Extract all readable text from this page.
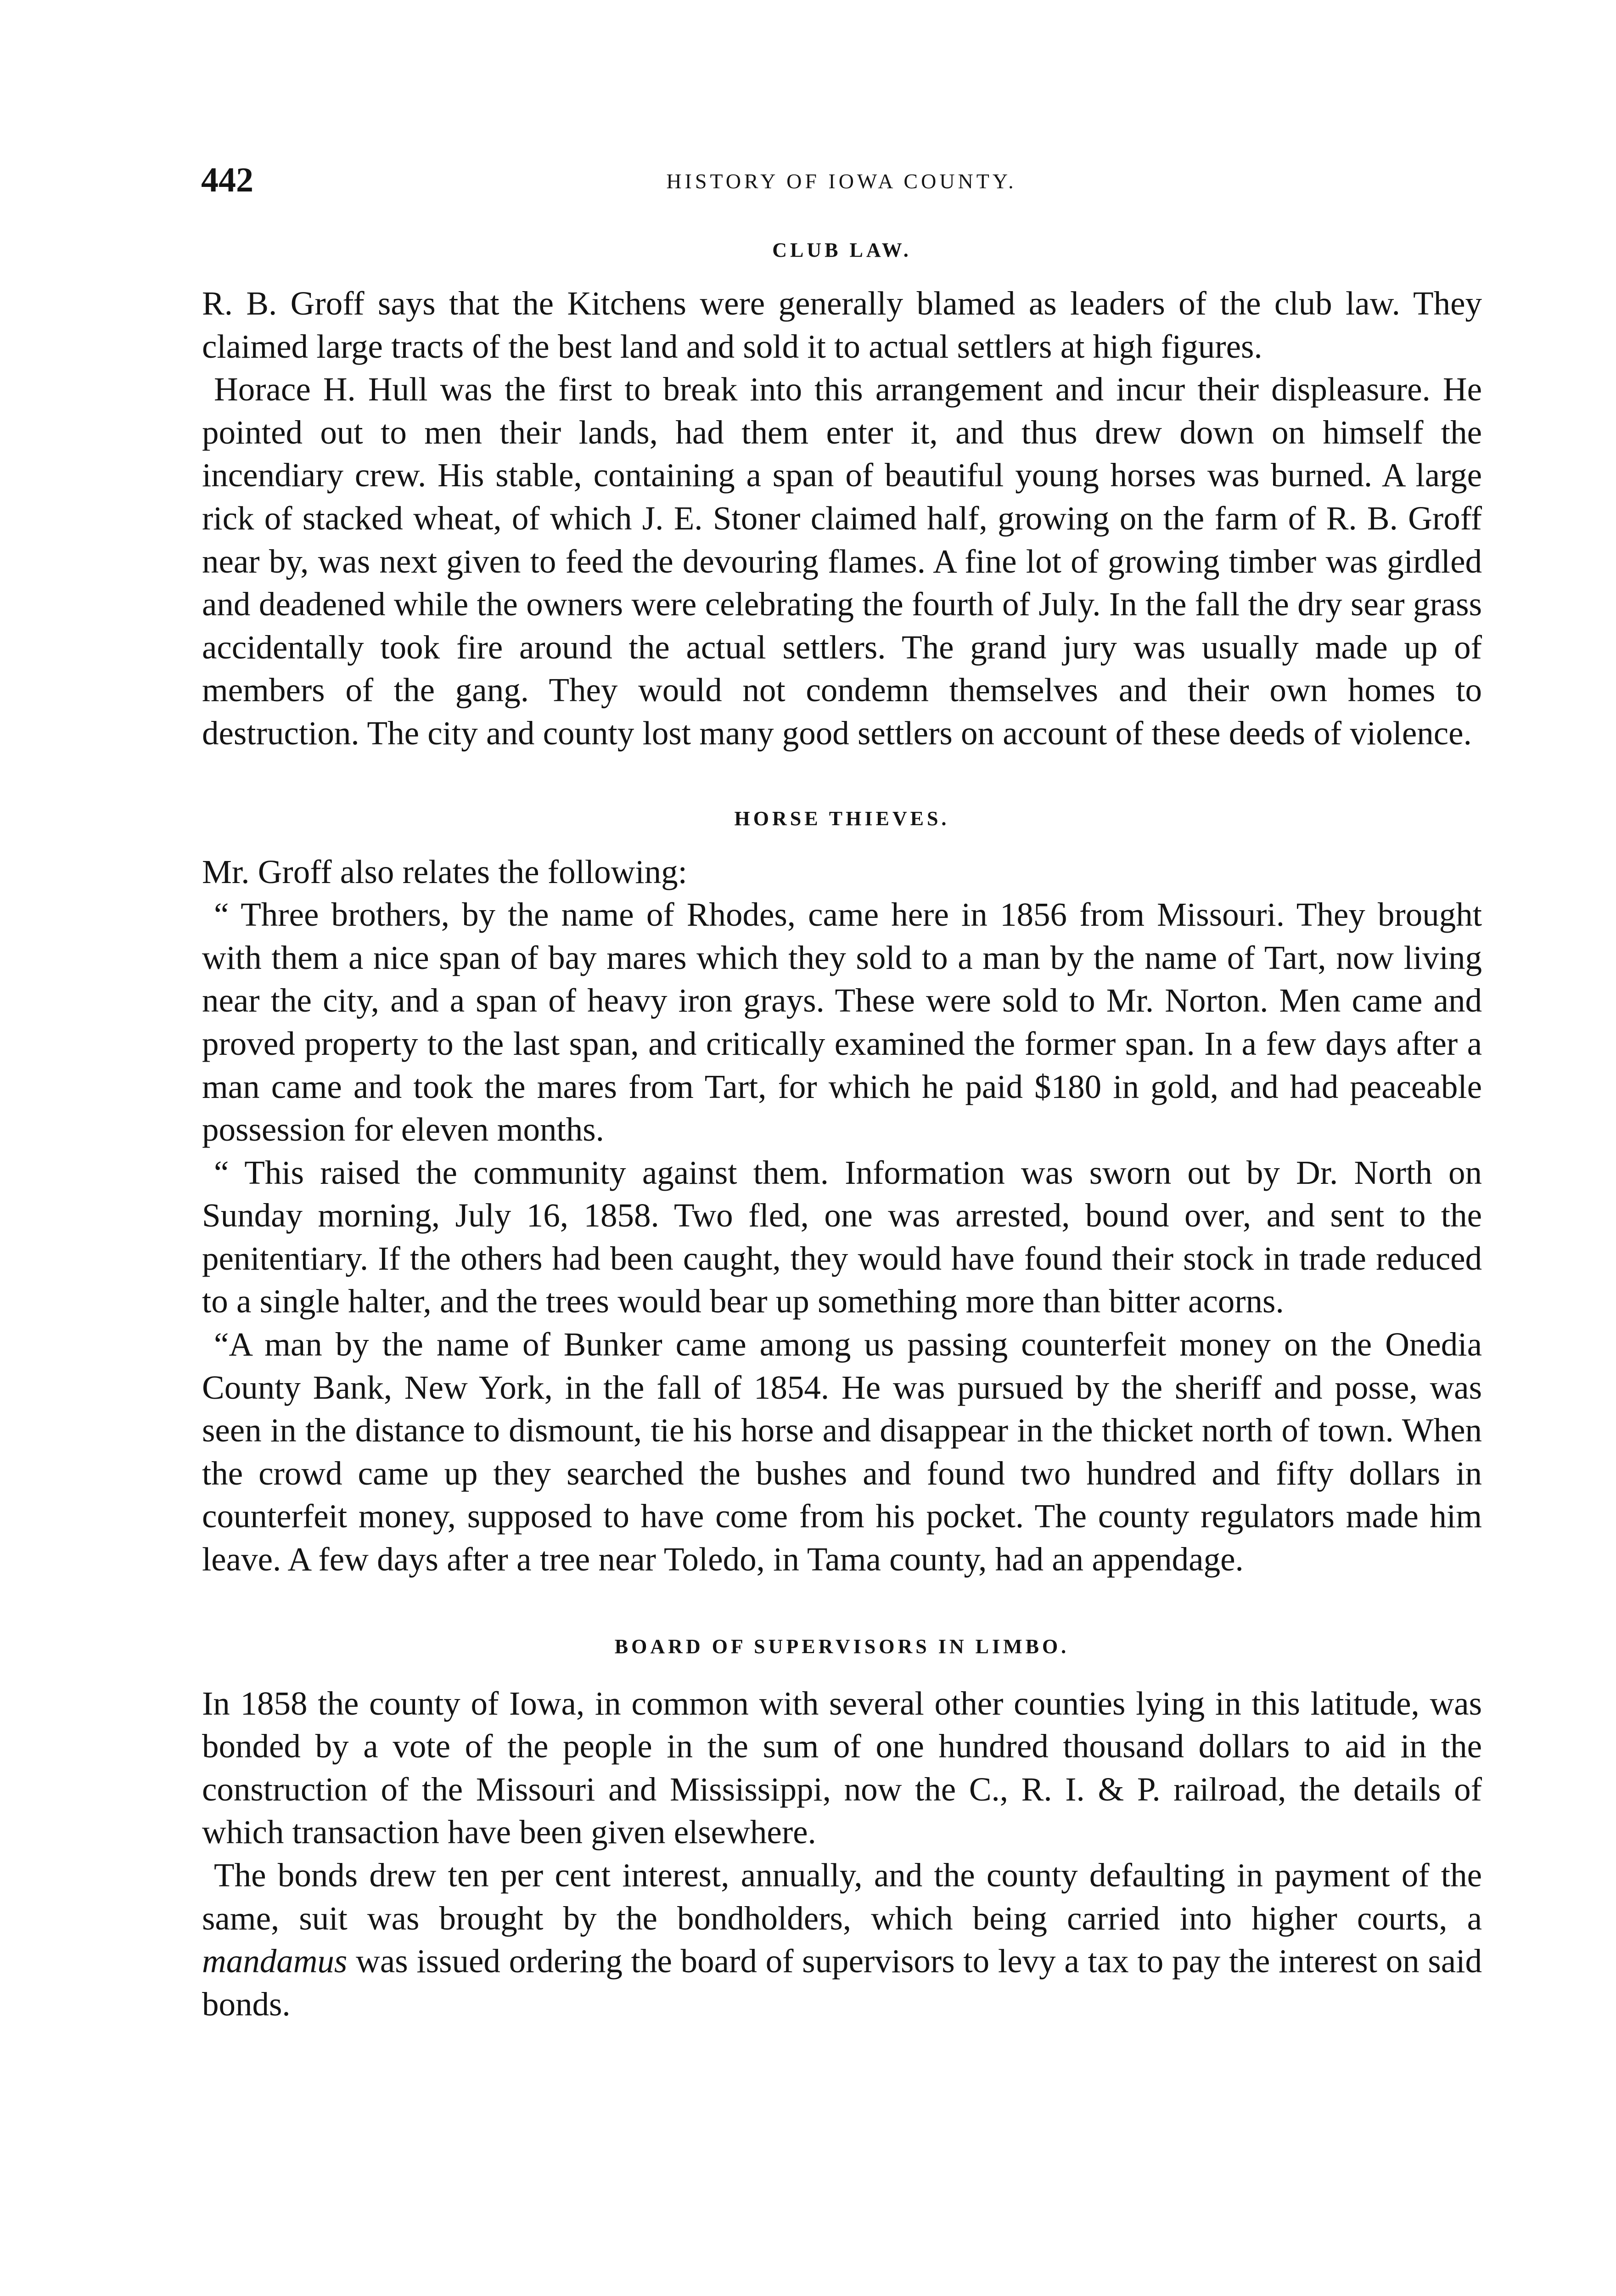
442	HISTORY OF IOWA COUNTY.
CLUB LAW.

R. B. Groff says that the Kitchens were generally blamed as leaders of the club law. They claimed large tracts of the best land and sold it to actual settlers at high figures.

Horace H. Hull was the first to break into this arrangement and incur their displeasure. He pointed out to men their lands, had them enter it, and thus drew down on himself the incendiary crew. His stable, containing a span of beautiful young horses was burned. A large rick of stacked wheat, of which J. E. Stoner claimed half, growing on the farm of R. B. Groff near by, was next given to feed the devouring flames. A fine lot of growing timber was girdled and deadened while the owners were celebrating the fourth of July. In the fall the dry sear grass accidentally took fire around the actual settlers. The grand jury was usually made up of members of the gang. They would not condemn themselves and their own homes to destruction. The city and county lost many good settlers on account of these deeds of violence.

HORSE THIEVES.

Mr. Groff also relates the following:

“ Three brothers, by the name of Rhodes, came here in 1856 from Missouri. They brought with them a nice span of bay mares which they sold to a man by the name of Tart, now living near the city, and a span of heavy iron grays. These were sold to Mr. Norton. Men came and proved property to the last span, and critically examined the former span. In a few days after a man came and took the mares from Tart, for which he paid $180 in gold, and had peaceable possession for eleven months.

“ This raised the community against them. Information was sworn out by Dr. North on Sunday morning, July 16, 1858. Two fled, one was arrested, bound over, and sent to the penitentiary. If the others had been caught, they would have found their stock in trade reduced to a single halter, and the trees would bear up something more than bitter acorns.

“A man by the name of Bunker came among us passing counterfeit money on the Onedia County Bank, New York, in the fall of 1854. He was pursued by the sheriff and posse, was seen in the distance to dismount, tie his horse and disappear in the thicket north of town. When the crowd came up they searched the bushes and found two hundred and fifty dollars in counterfeit money, supposed to have come from his pocket. The county regulators made him leave. A few days after a tree near Toledo, in Tama county, had an appendage.

BOARD OF SUPERVISORS IN LIMBO.

In 1858 the county of Iowa, in common with several other counties lying in this latitude, was bonded by a vote of the people in the sum of one hundred thousand dollars to aid in the construction of the Missouri and Mississippi, now the C., R. I. & P. railroad, the details of which transaction have been given elsewhere.

The bonds drew ten per cent interest, annually, and the county defaulting in payment of the same, suit was brought by the bondholders, which being carried into higher courts, a mandamus was issued ordering the board of supervisors to levy a tax to pay the interest on said bonds.
